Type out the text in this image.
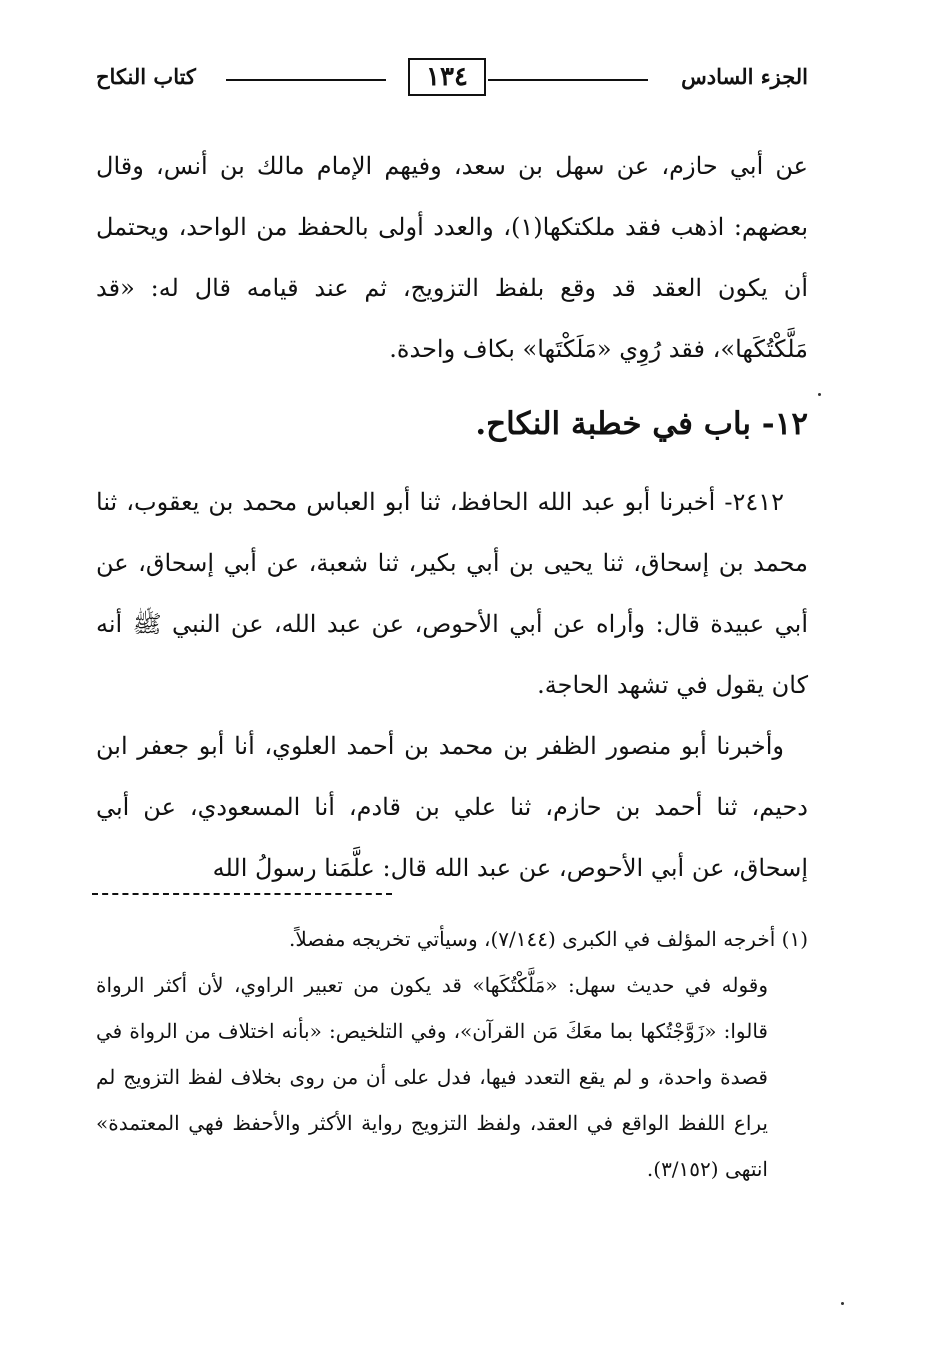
الجزء السادس
١٣٤
كتاب النكاح

عن أبي حازم، عن سهل بن سعد، وفيهم الإمام مالك بن أنس، وقال بعضهم: اذهب فقد ملكتكها(١)، والعدد أولى بالحفظ من الواحد، ويحتمل أن يكون العقد قد وقع بلفظ التزويج، ثم عند قيامه قال له: «قد مَلَّكْتُكَها»، فقد رُوِي «مَلَكْتَها» بكاف واحدة.

١٢- باب في خطبة النكاح.

٢٤١٢- أخبرنا أبو عبد الله الحافظ، ثنا أبو العباس محمد بن يعقوب، ثنا محمد بن إسحاق، ثنا يحيى بن أبي بكير، ثنا شعبة، عن أبي إسحاق، عن أبي عبيدة قال: وأراه عن أبي الأحوص، عن عبد الله، عن النبي ﷺ أنه كان يقول في تشهد الحاجة.

وأخبرنا أبو منصور الظفر بن محمد بن أحمد العلوي، أنا أبو جعفر ابن دحيم، ثنا أحمد بن حازم، ثنا علي بن قادم، أنا المسعودي، عن أبي إسحاق، عن أبي الأحوص، عن عبد الله قال: علَّمَنا رسولُ الله

(١) أخرجه المؤلف في الكبرى (٧/١٤٤)، وسيأتي تخريجه مفصلاً.

وقوله في حديث سهل: «مَلَّكْتُكَها» قد يكون من تعبير الراوي، لأن أكثر الرواة قالوا: «زَوَّجْتُكها بما معَكَ مَن القرآن»، وفي التلخيص: «بأنه اختلاف من الرواة في قصدة واحدة، و لم يقع التعدد فيها، فدل على أن من روى بخلاف لفظ التزويج لم يراع اللفظ الواقع في العقد، ولفظ التزويج رواية الأكثر والأحفظ فهي المعتمدة» انتهى (٣/١٥٢).
